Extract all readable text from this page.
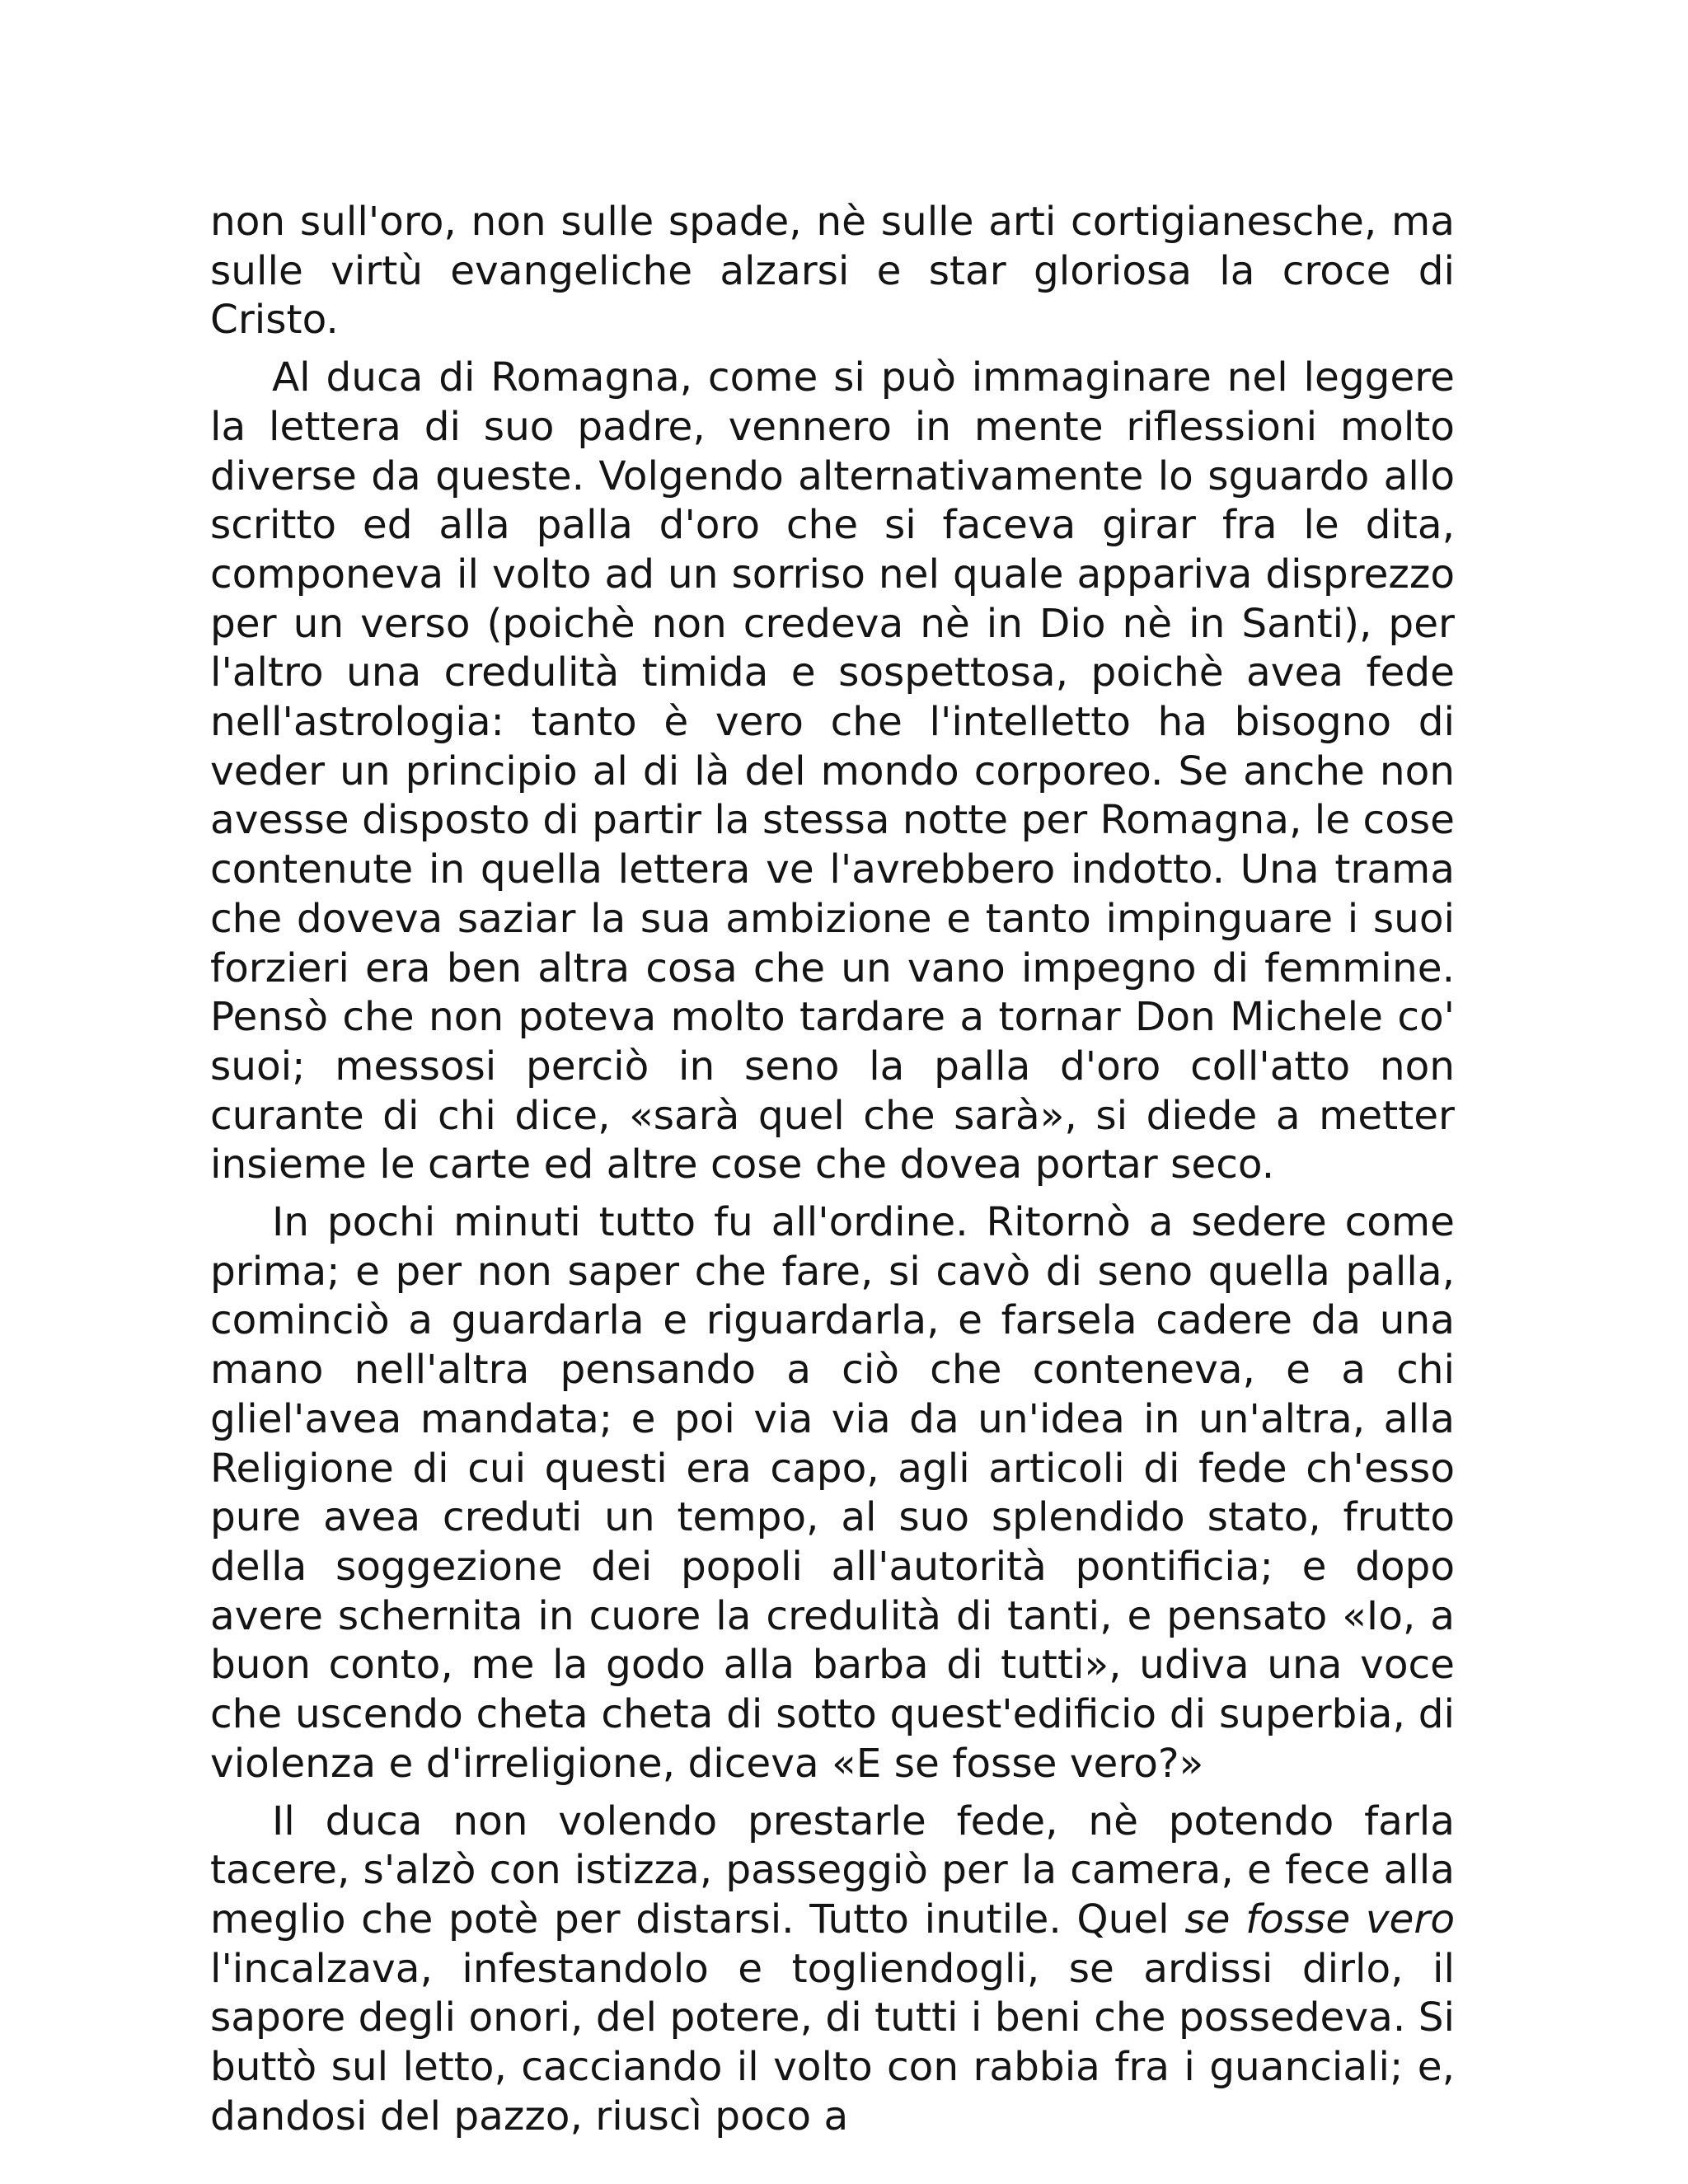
non sull'oro, non sulle spade, nè sulle arti cortigianesche, ma sulle virtù evangeliche alzarsi e star gloriosa la croce di Cristo.

Al duca di Romagna, come si può immaginare nel leggere la lettera di suo padre, vennero in mente riflessioni molto diverse da queste. Volgendo alternativamente lo sguardo allo scritto ed alla palla d'oro che si faceva girar fra le dita, componeva il volto ad un sorriso nel quale appariva disprezzo per un verso (poichè non credeva nè in Dio nè in Santi), per l'altro una credulità timida e sospettosa, poichè avea fede nell'astrologia: tanto è vero che l'intelletto ha bisogno di veder un principio al di là del mondo corporeo. Se anche non avesse disposto di partir la stessa notte per Romagna, le cose contenute in quella lettera ve l'avrebbero indotto. Una trama che doveva saziar la sua ambizione e tanto impinguare i suoi forzieri era ben altra cosa che un vano impegno di femmine. Pensò che non poteva molto tardare a tornar Don Michele co' suoi; messosi perciò in seno la palla d'oro coll'atto non curante di chi dice, «sarà quel che sarà», si diede a metter insieme le carte ed altre cose che dovea portar seco.

In pochi minuti tutto fu all'ordine. Ritornò a sedere come prima; e per non saper che fare, si cavò di seno quella palla, cominciò a guardarla e riguardarla, e farsela cadere da una mano nell'altra pensando a ciò che conteneva, e a chi gliel'avea mandata; e poi via via da un'idea in un'altra, alla Religione di cui questi era capo, agli articoli di fede ch'esso pure avea creduti un tempo, al suo splendido stato, frutto della soggezione dei popoli all'autorità pontificia; e dopo avere schernita in cuore la credulità di tanti, e pensato «Io, a buon conto, me la godo alla barba di tutti», udiva una voce che uscendo cheta cheta di sotto quest'edificio di superbia, di violenza e d'irreligione, diceva «E se fosse vero?»

Il duca non volendo prestarle fede, nè potendo farla tacere, s'alzò con istizza, passeggiò per la camera, e fece alla meglio che potè per distarsi. Tutto inutile. Quel se fosse vero l'incalzava, infestandolo e togliendogli, se ardissi dirlo, il sapore degli onori, del potere, di tutti i beni che possedeva. Si buttò sul letto, cacciando il volto con rabbia fra i guanciali; e, dandosi del pazzo, riuscì poco a
